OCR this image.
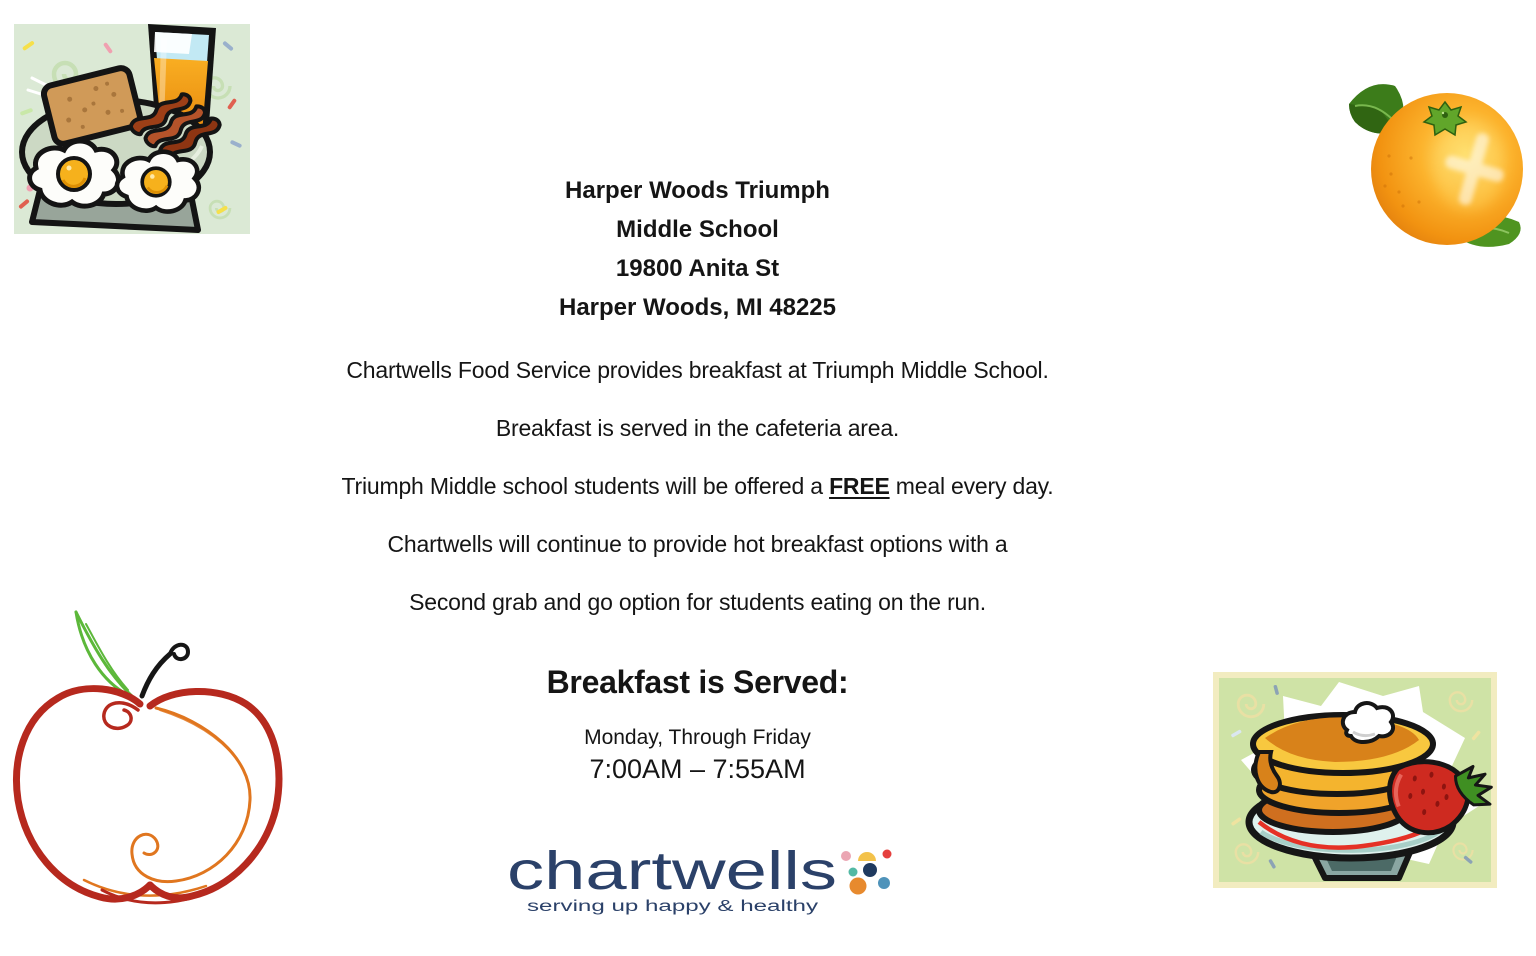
Harper Woods Triumph
Middle School
19800 Anita St
Harper Woods, MI 48225

Chartwells Food Service provides breakfast at Triumph Middle School.

Breakfast is served in the cafeteria area.

Triumph Middle school students will be offered a FREE meal every day.

Chartwells will continue to provide hot breakfast options with a

Second grab and go option for students eating on the run.

Breakfast is Served:
Monday, Through Friday
7:00AM – 7:55AM
chartwells
serving up happy & healthy
